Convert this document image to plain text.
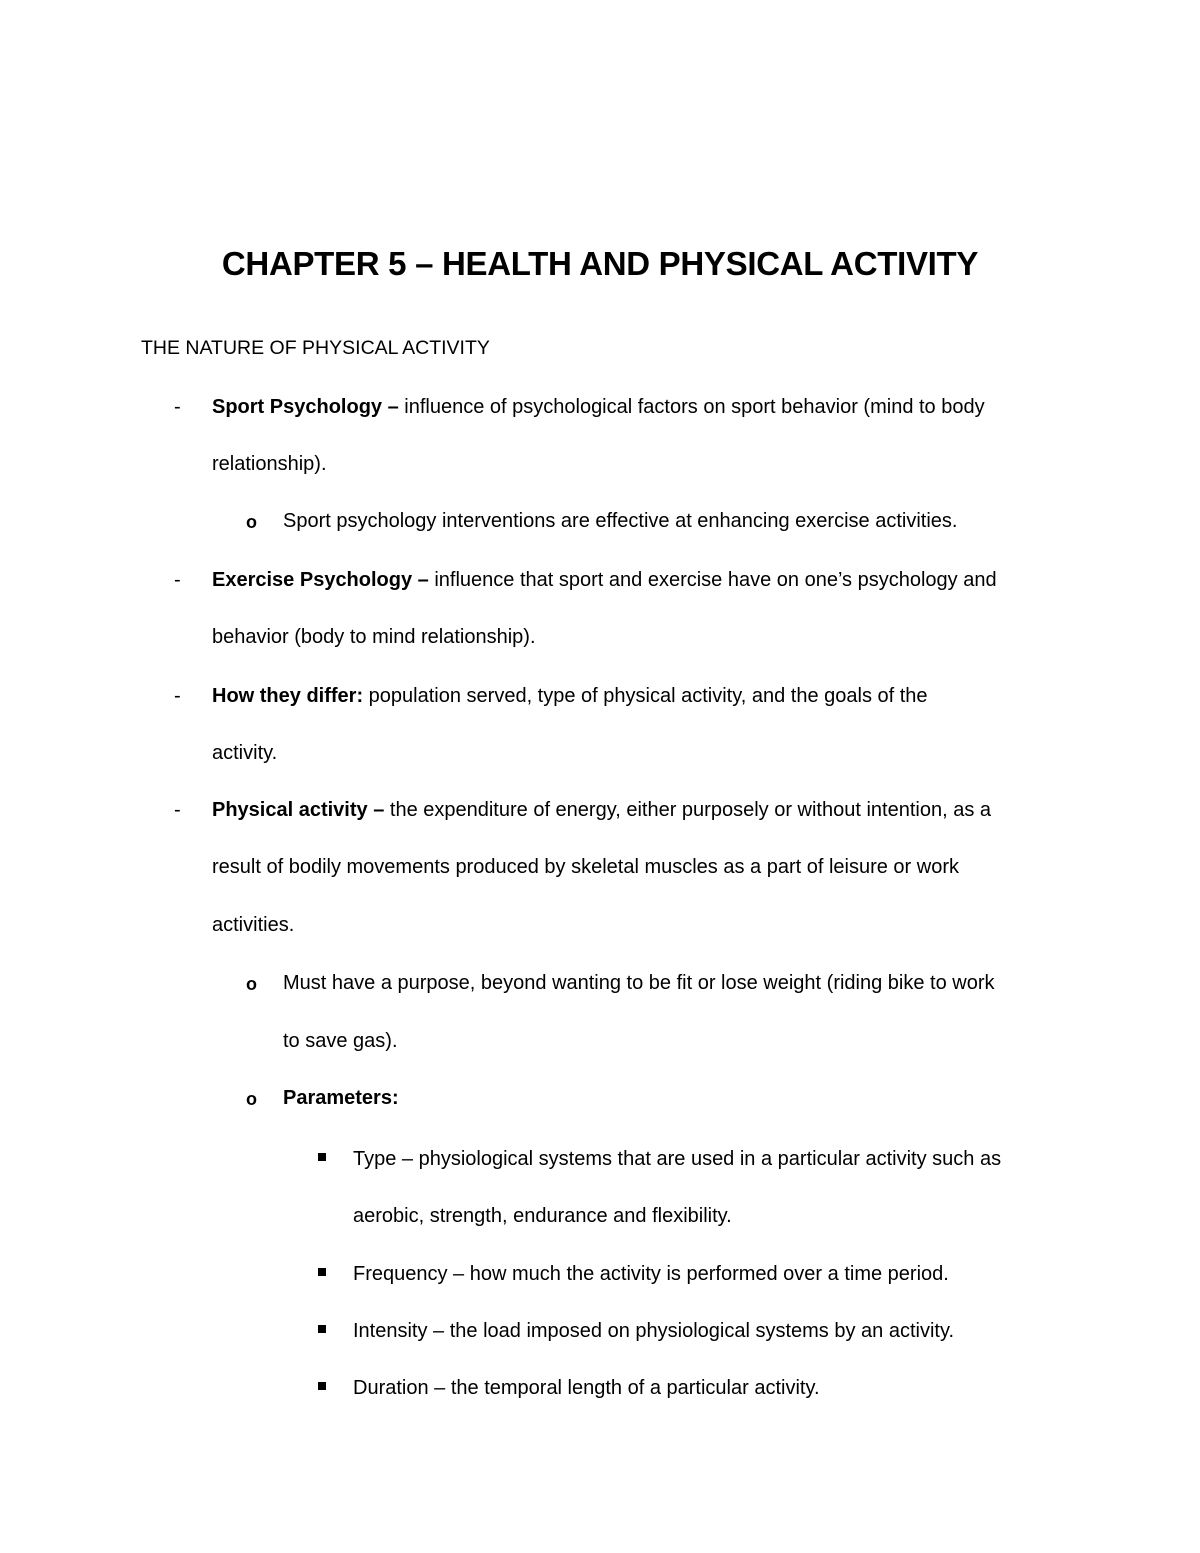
CHAPTER 5 – HEALTH AND PHYSICAL ACTIVITY
THE NATURE OF PHYSICAL ACTIVITY
- Sport Psychology – influence of psychological factors on sport behavior (mind to body
relationship).
o Sport psychology interventions are effective at enhancing exercise activities.
- Exercise Psychology – influence that sport and exercise have on one’s psychology and
behavior (body to mind relationship).
- How they differ: population served, type of physical activity, and the goals of the
activity.
- Physical activity – the expenditure of energy, either purposely or without intention, as a
result of bodily movements produced by skeletal muscles as a part of leisure or work
activities.
o Must have a purpose, beyond wanting to be fit or lose weight (riding bike to work
to save gas).
o Parameters:
Type – physiological systems that are used in a particular activity such as
aerobic, strength, endurance and flexibility.
Frequency – how much the activity is performed over a time period.
Intensity – the load imposed on physiological systems by an activity.
Duration – the temporal length of a particular activity.
